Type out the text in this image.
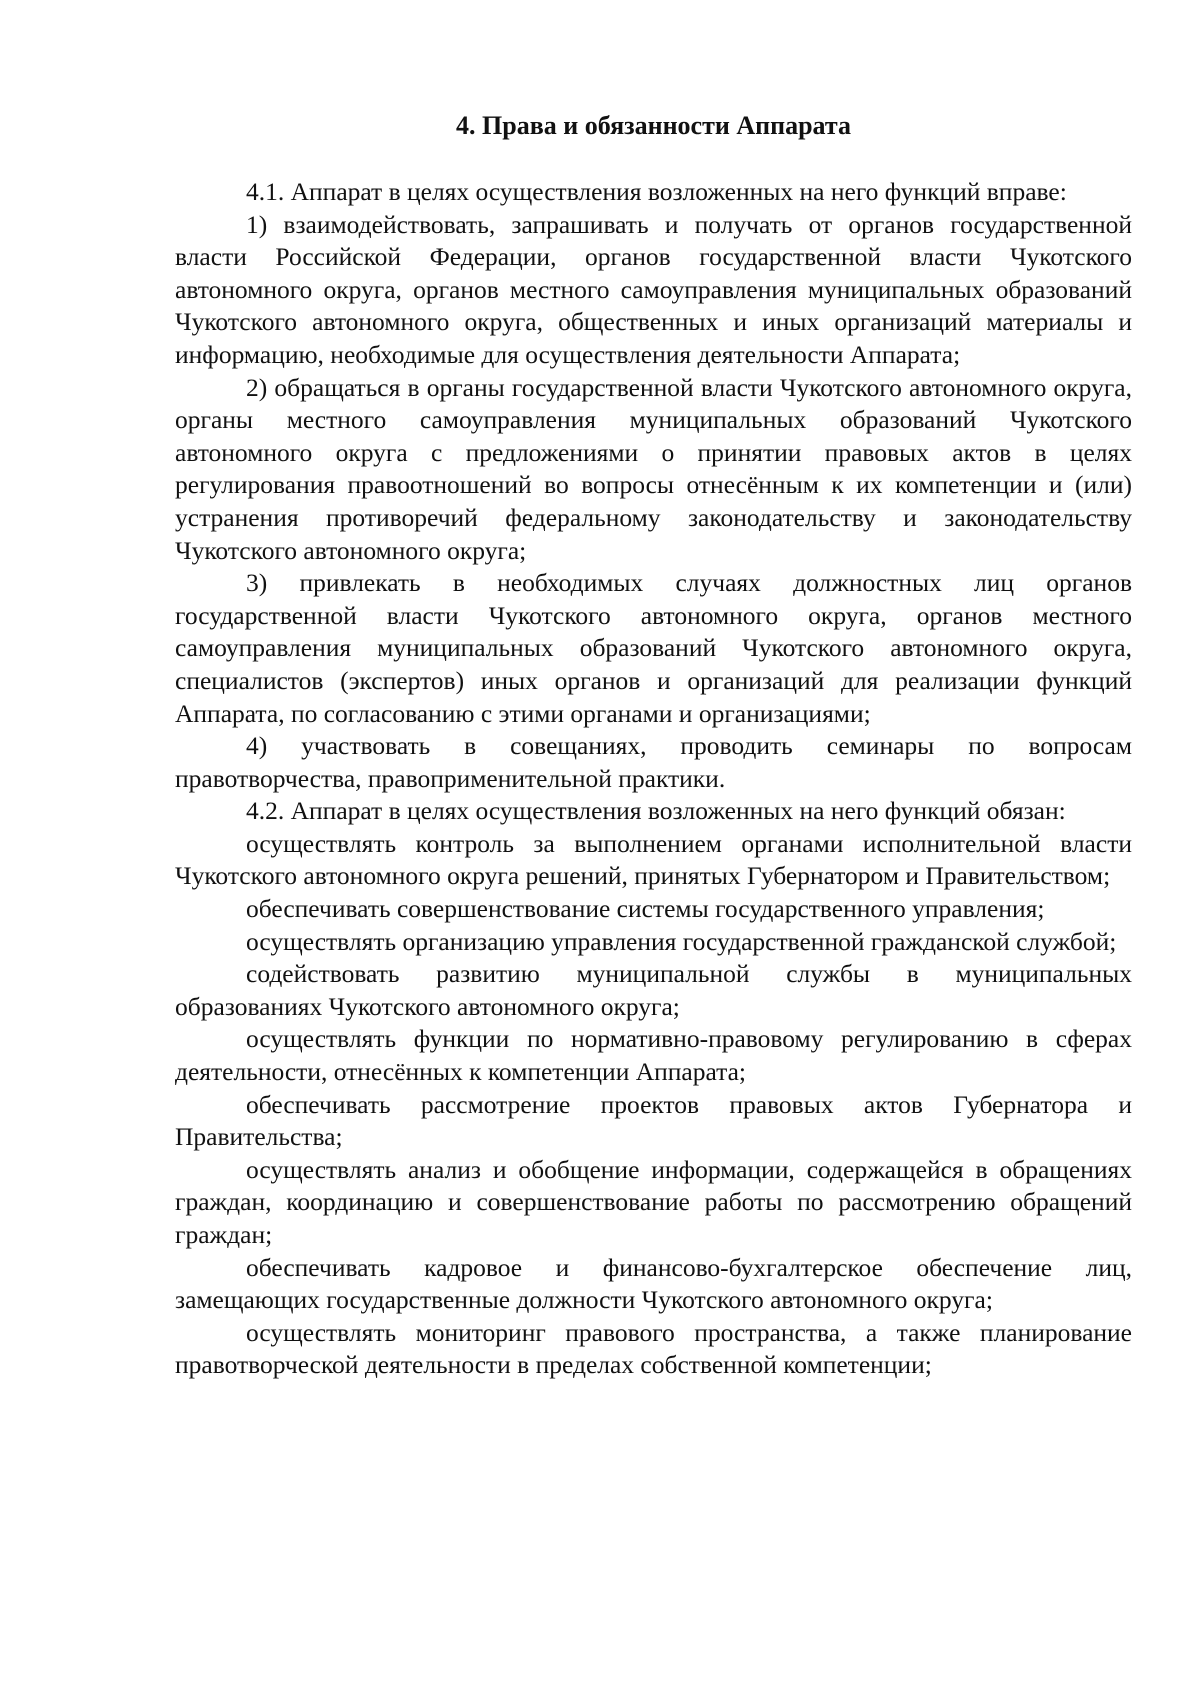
4. Права и обязанности Аппарата

4.1. Аппарат в целях осуществления возложенных на него функций вправе:

1) взаимодействовать, запрашивать и получать от органов государственной власти Российской Федерации, органов государственной власти Чукотского автономного округа, органов местного самоуправления муниципальных образований Чукотского автономного округа, общественных и иных организаций материалы и информацию, необходимые для осуществления деятельности Аппарата;

2) обращаться в органы государственной власти Чукотского автономного округа, органы местного самоуправления муниципальных образований Чукотского автономного округа с предложениями о принятии правовых актов в целях регулирования правоотношений во вопросы отнесённым к их компетенции и (или) устранения противоречий федеральному законодательству и законодательству Чукотского автономного округа;

3) привлекать в необходимых случаях должностных лиц органов государственной власти Чукотского автономного округа, органов местного самоуправления муниципальных образований Чукотского автономного округа, специалистов (экспертов) иных органов и организаций для реализации функций Аппарата, по согласованию с этими органами и организациями;

4) участвовать в совещаниях, проводить семинары по вопросам правотворчества, правоприменительной практики.

4.2. Аппарат в целях осуществления возложенных на него функций обязан:

осуществлять контроль за выполнением органами исполнительной власти Чукотского автономного округа решений, принятых Губернатором и Правительством;

обеспечивать совершенствование системы государственного управления;

осуществлять организацию управления государственной гражданской службой;

содействовать развитию муниципальной службы в муниципальных образованиях Чукотского автономного округа;

осуществлять функции по нормативно-правовому регулированию в сферах деятельности, отнесённых к компетенции Аппарата;

обеспечивать рассмотрение проектов правовых актов Губернатора и Правительства;

осуществлять анализ и обобщение информации, содержащейся в обращениях граждан, координацию и совершенствование работы по рассмотрению обращений граждан;

обеспечивать кадровое и финансово-бухгалтерское обеспечение лиц, замещающих государственные должности Чукотского автономного округа;

осуществлять мониторинг правового пространства, а также планирование правотворческой деятельности в пределах собственной компетенции;
